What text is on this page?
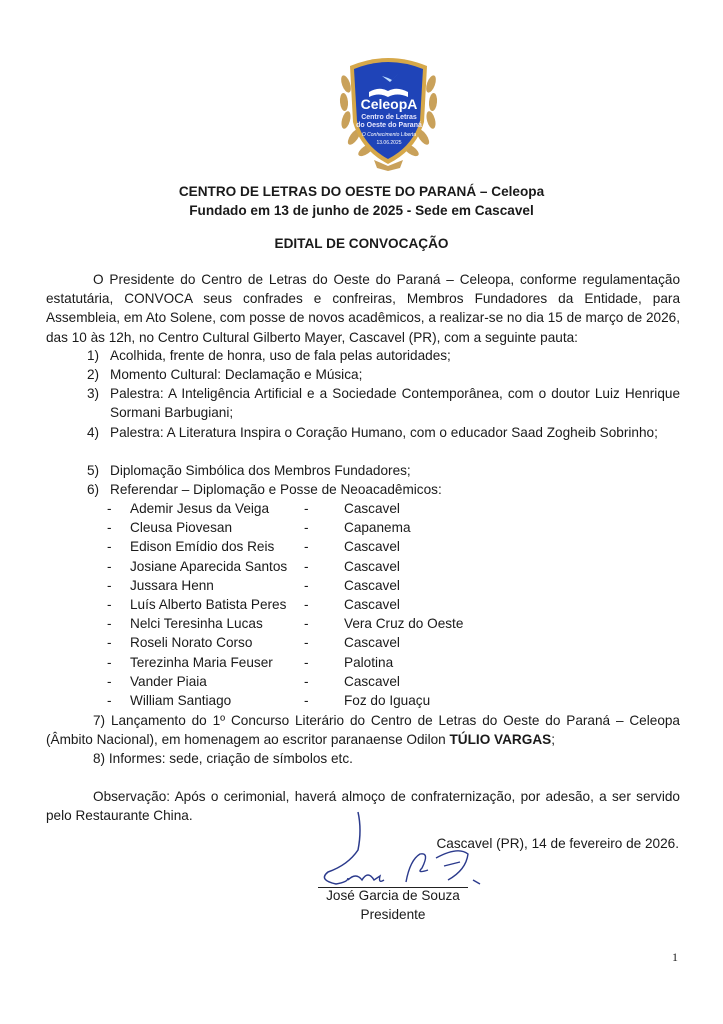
CeleopA
Centro de Letras
do Oeste do Paraná
O Conhecimento Liberta
13.06.2025
CENTRO DE LETRAS DO OESTE DO PARANÁ – Celeopa
Fundado em 13 de junho de 2025 - Sede em Cascavel
EDITAL DE CONVOCAÇÃO
O Presidente do Centro de Letras do Oeste do Paraná – Celeopa, conforme regulamentação estatutária, CONVOCA seus confrades e confreiras, Membros Fundadores da Entidade, para Assembleia, em Ato Solene, com posse de novos acadêmicos, a realizar-se no dia 15 de março de 2026, das 10 às 12h, no Centro Cultural Gilberto Mayer, Cascavel (PR), com a seguinte pauta:
1) Acolhida, frente de honra, uso de fala pelas autoridades;
2) Momento Cultural: Declamação e Música;
3) Palestra: A Inteligência Artificial e a Sociedade Contemporânea, com o doutor Luiz Henrique Sormani Barbugiani;
4) Palestra: A Literatura Inspira o Coração Humano, com o educador Saad Zogheib Sobrinho;
5) Diplomação Simbólica dos Membros Fundadores;
6) Referendar – Diplomação e Posse de Neoacadêmicos:
- Ademir Jesus da Veiga	-	Cascavel
- Cleusa Piovesan	-	Capanema
- Edison Emídio dos Reis -	Cascavel
- Josiane Aparecida Santos -	Cascavel
- Jussara Henn	-	Cascavel
- Luís Alberto Batista Peres -	Cascavel
- Nelci Teresinha Lucas	-	Vera Cruz do Oeste
- Roseli Norato Corso	-	Cascavel
- Terezinha Maria Feuser -	Palotina
- Vander Piaia	-	Cascavel
- William Santiago	-	Foz do Iguaçu
7) Lançamento do 1º Concurso Literário do Centro de Letras do Oeste do Paraná – Celeopa (Âmbito Nacional), em homenagem ao escritor paranaense Odilon TÚLIO VARGAS;
8) Informes: sede, criação de símbolos etc.
Observação: Após o cerimonial, haverá almoço de confraternização, por adesão, a ser servido pelo Restaurante China.
Cascavel (PR), 14 de fevereiro de 2026.
José Garcia de Souza
Presidente
1
